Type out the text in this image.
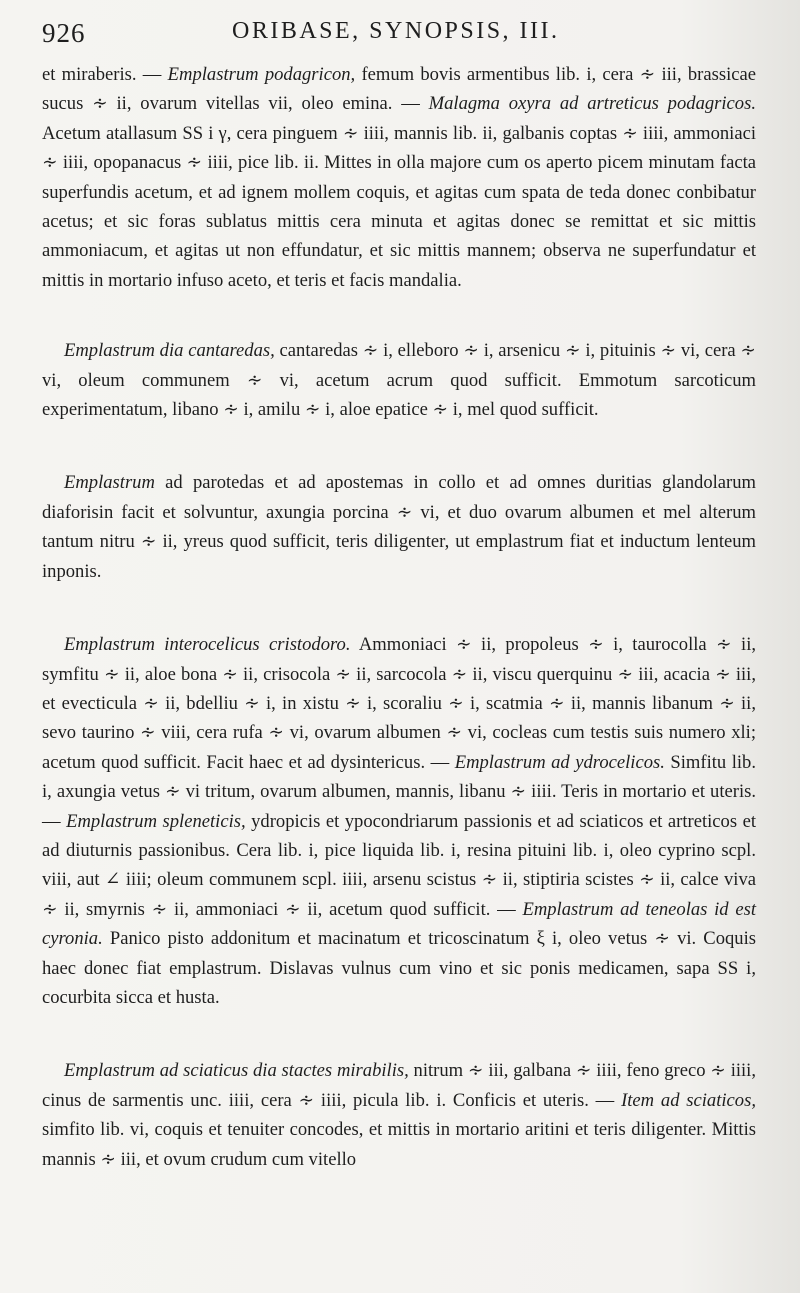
926	ORIBASE, SYNOPSIS, III.

et miraberis. — Emplastrum podagricon, femum bovis armentibus lib. i, cera ∻ iii, brassicae sucus ∻ ii, ovarum vitellas vii, oleo emina. — Malagma oxyra ad artreticus podagricos. Acetum atallasum SS i γ, cera pinguem ∻ iiii, mannis lib. ii, galbanis coptas ∻ iiii, ammoniaci ∻ iiii, opopanacus ∻ iiii, pice lib. ii. Mittes in olla majore cum os aperto picem minutam facta superfundis acetum, et ad ignem mollem coquis, et agitas cum spata de teda donec conbibatur acetus; et sic foras sublatus mittis cera minuta et agitas donec se remittat et sic mittis ammoniacum, et agitas ut non effundatur, et sic mittis mannem; observa ne superfundatur et mittis in mortario infuso aceto, et teris et facis mandalia.

Emplastrum dia cantaredas, cantaredas ∻ i, elleboro ∻ i, arsenicu ∻ i, pituinis ∻ vi, cera ∻ vi, oleum communem ∻ vi, acetum acrum quod sufficit. Emmotum sarcoticum experimentatum, libano ∻ i, amilu ∻ i, aloe epatice ∻ i, mel quod sufficit.

Emplastrum ad parotedas et ad apostemas in collo et ad omnes duritias glandolarum diaforisin facit et solvuntur, axungia porcina ∻ vi, et duo ovarum albumen et mel alterum tantum nitru ∻ ii, yreus quod sufficit, teris diligenter, ut emplastrum fiat et inductum lenteum inponis.

Emplastrum interocelicus cristodoro. Ammoniaci ∻ ii, propoleus ∻ i, taurocolla ∻ ii, symfitu ∻ ii, aloe bona ∻ ii, crisocola ∻ ii, sarcocola ∻ ii, viscu querquinu ∻ iii, acacia ∻ iii, et evecticula ∻ ii, bdelliu ∻ i, in xistu ∻ i, scoraliu ∻ i, scatmia ∻ ii, mannis libanum ∻ ii, sevo taurino ∻ viii, cera rufa ∻ vi, ovarum albumen ∻ vi, cocleas cum testis suis numero xli; acetum quod sufficit. Facit haec et ad dysintericus. — Emplastrum ad ydrocelicos. Simfitu lib. i, axungia vetus ∻ vi tritum, ovarum albumen, mannis, libanu ∻ iiii. Teris in mortario et uteris. — Emplastrum spleneticis, ydropicis et ypocondriarum passionis et ad sciaticos et artreticos et ad diuturnis passionibus. Cera lib. i, pice liquida lib. i, resina pituini lib. i, oleo cyprino scpl. viii, aut ∠ iiii; oleum communem scpl. iiii, arsenu scistus ∻ ii, stiptiria scistes ∻ ii, calce viva ∻ ii, smyrnis ∻ ii, ammoniaci ∻ ii, acetum quod sufficit. — Emplastrum ad teneolas id est cyronia. Panico pisto addonitum et macinatum et tricoscinatum ξ i, oleo vetus ∻ vi. Coquis haec donec fiat emplastrum. Dislavas vulnus cum vino et sic ponis medicamen, sapa SS i, cocurbita sicca et husta.

Emplastrum ad sciaticus dia stactes mirabilis, nitrum ∻ iii, galbana ∻ iiii, feno greco ∻ iiii, cinus de sarmentis unc. iiii, cera ∻ iiii, picula lib. i. Conficis et uteris. — Item ad sciaticos, simfito lib. vi, coquis et tenuiter concodes, et mittis in mortario aritini et teris diligenter. Mittis mannis ∻ iii, et ovum crudum cum vitello
